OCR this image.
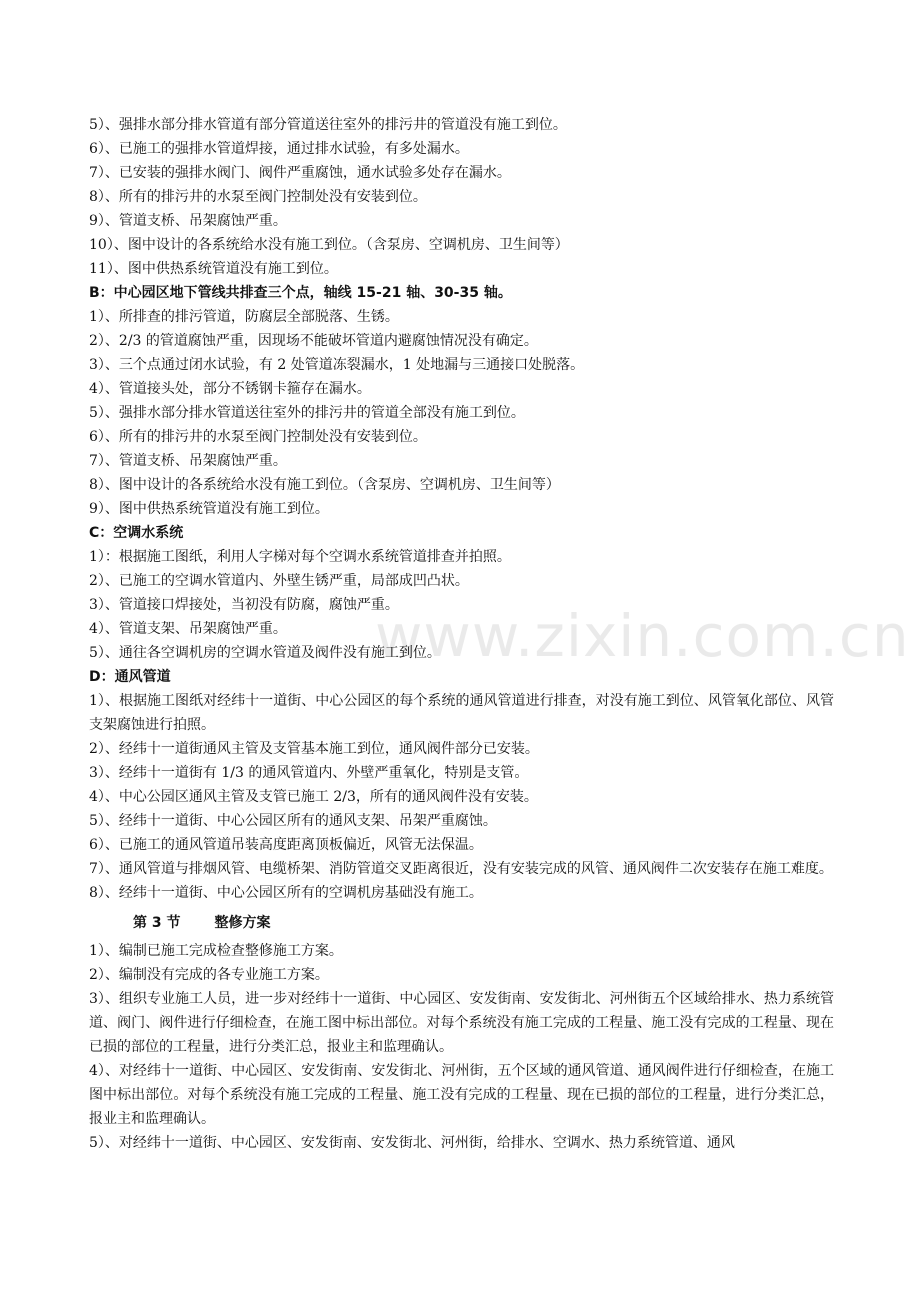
www.zixin.com.cn
5）、强排水部分排水管道有部分管道送往室外的排污井的管道没有施工到位。
6）、已施工的强排水管道焊接，通过排水试验，有多处漏水。
7）、已安装的强排水阀门、阀件严重腐蚀，通水试验多处存在漏水。
8）、所有的排污井的水泵至阀门控制处没有安装到位。
9）、管道支桥、吊架腐蚀严重。
10）、图中设计的各系统给水没有施工到位。（含泵房、空调机房、卫生间等）
11）、图中供热系统管道没有施工到位。
B：中心园区地下管线共排查三个点，轴线 15-21 轴、30-35 轴。
1）、所排查的排污管道，防腐层全部脱落、生锈。
2）、2/3 的管道腐蚀严重，因现场不能破坏管道内避腐蚀情况没有确定。
3）、三个点通过闭水试验，有 2 处管道冻裂漏水，1 处地漏与三通接口处脱落。
4）、管道接头处，部分不锈钢卡箍存在漏水。
5）、强排水部分排水管道送往室外的排污井的管道全部没有施工到位。
6）、所有的排污井的水泵至阀门控制处没有安装到位。
7）、管道支桥、吊架腐蚀严重。
8）、图中设计的各系统给水没有施工到位。（含泵房、空调机房、卫生间等）
9）、图中供热系统管道没有施工到位。
C：空调水系统
1）：根据施工图纸，利用人字梯对每个空调水系统管道排查并拍照。
2）、已施工的空调水管道内、外壁生锈严重，局部成凹凸状。
3）、管道接口焊接处，当初没有防腐，腐蚀严重。
4）、管道支架、吊架腐蚀严重。
5）、通往各空调机房的空调水管道及阀件没有施工到位。
D：通风管道
1）、根据施工图纸对经纬十一道街、中心公园区的每个系统的通风管道进行排查，对没有施工到位、风管氧化部位、风管支架腐蚀进行拍照。
2）、经纬十一道街通风主管及支管基本施工到位，通风阀件部分已安装。
3）、经纬十一道街有 1/3 的通风管道内、外壁严重氧化，特别是支管。
4）、中心公园区通风主管及支管已施工 2/3，所有的通风阀件没有安装。
5）、经纬十一道街、中心公园区所有的通风支架、吊架严重腐蚀。
6）、已施工的通风管道吊装高度距离顶板偏近，风管无法保温。
7）、通风管道与排烟风管、电缆桥架、消防管道交叉距离很近，没有安装完成的风管、通风阀件二次安装存在施工难度。
8）、经纬十一道街、中心公园区所有的空调机房基础没有施工。
第 3 节 整修方案
1）、编制已施工完成检查整修施工方案。
2）、编制没有完成的各专业施工方案。
3）、组织专业施工人员，进一步对经纬十一道街、中心园区、安发街南、安发街北、河州街五个区域给排水、热力系统管道、阀门、阀件进行仔细检查，在施工图中标出部位。对每个系统没有施工完成的工程量、施工没有完成的工程量、现在已损的部位的工程量，进行分类汇总，报业主和监理确认。
4）、对经纬十一道街、中心园区、安发街南、安发街北、河州街，五个区域的通风管道、通风阀件进行仔细检查，在施工图中标出部位。对每个系统没有施工完成的工程量、施工没有完成的工程量、现在已损的部位的工程量，进行分类汇总，报业主和监理确认。
5）、对经纬十一道街、中心园区、安发街南、安发街北、河州街，给排水、空调水、热力系统管道、通风
